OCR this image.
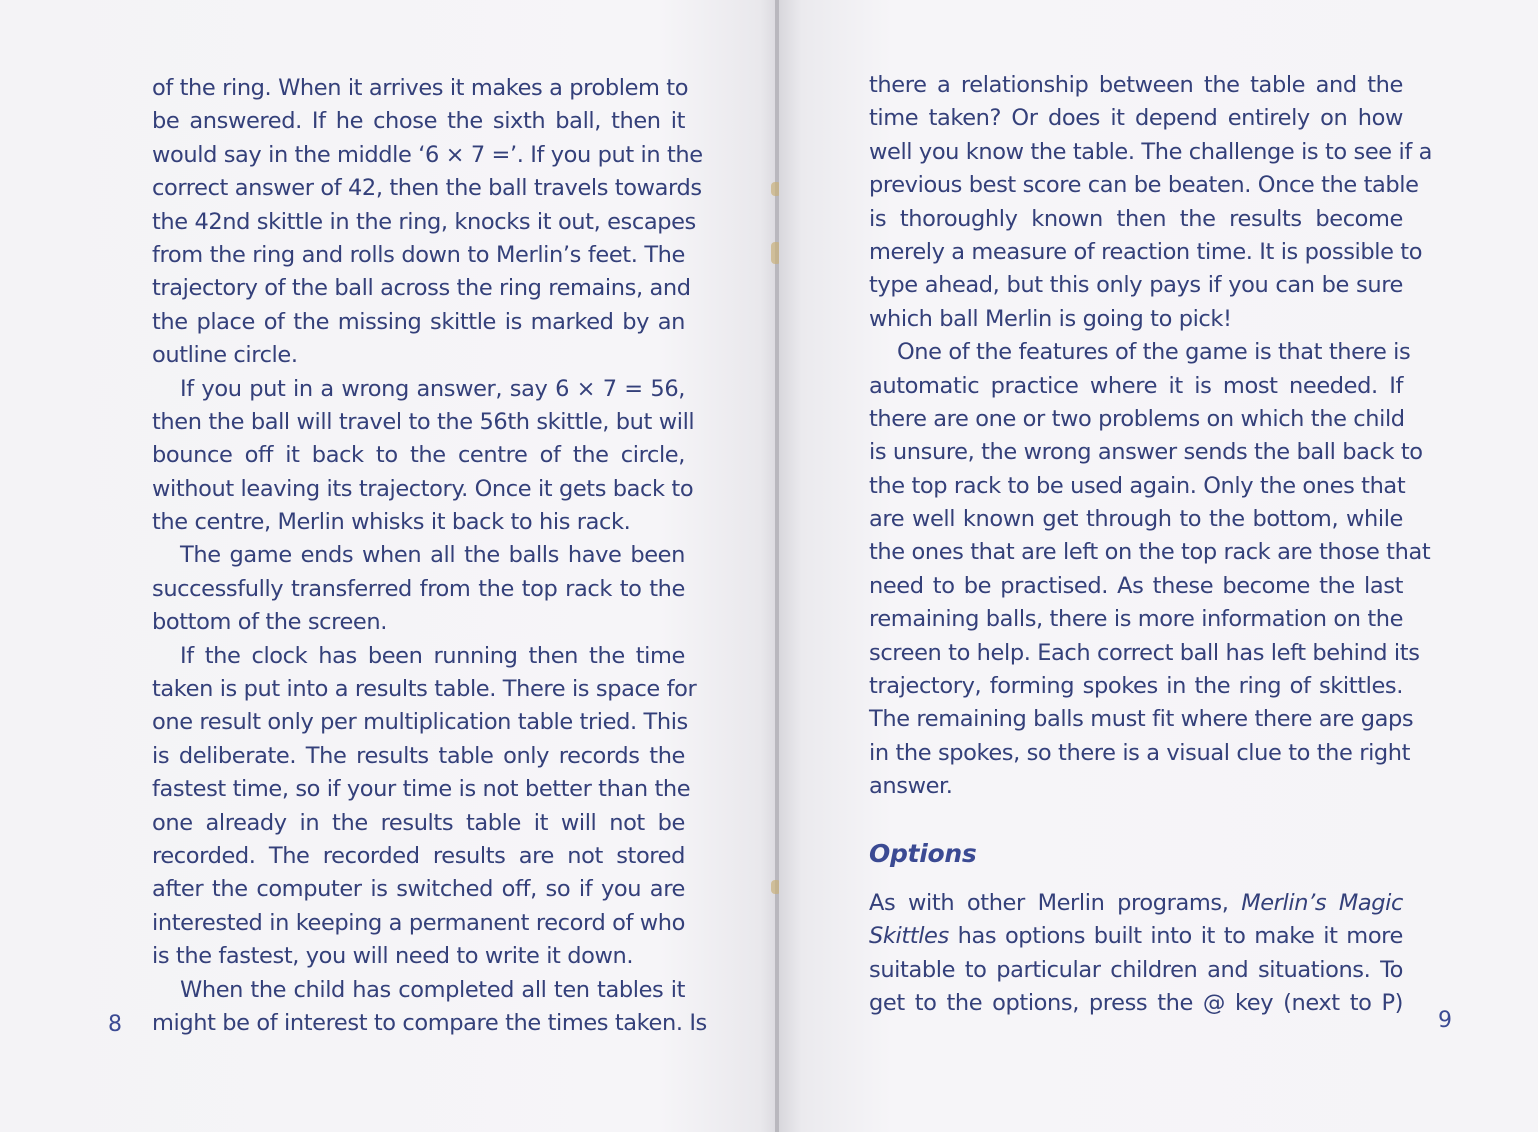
of the ring. When it arrives it makes a problem to
be answered. If he chose the sixth ball, then it
would say in the middle ‘6 × 7 =’. If you put in the
correct answer of 42, then the ball travels towards
the 42nd skittle in the ring, knocks it out, escapes
from the ring and rolls down to Merlin’s feet. The
trajectory of the ball across the ring remains, and
the place of the missing skittle is marked by an
outline circle.
If you put in a wrong answer, say 6 × 7 = 56,
then the ball will travel to the 56th skittle, but will
bounce off it back to the centre of the circle,
without leaving its trajectory. Once it gets back to
the centre, Merlin whisks it back to his rack.
The game ends when all the balls have been
successfully transferred from the top rack to the
bottom of the screen.
If the clock has been running then the time
taken is put into a results table. There is space for
one result only per multiplication table tried. This
is deliberate. The results table only records the
fastest time, so if your time is not better than the
one already in the results table it will not be
recorded. The recorded results are not stored
after the computer is switched off, so if you are
interested in keeping a permanent record of who
is the fastest, you will need to write it down.
When the child has completed all ten tables it
might be of interest to compare the times taken. Is
8
there a relationship between the table and the
time taken? Or does it depend entirely on how
well you know the table. The challenge is to see if a
previous best score can be beaten. Once the table
is thoroughly known then the results become
merely a measure of reaction time. It is possible to
type ahead, but this only pays if you can be sure
which ball Merlin is going to pick!
One of the features of the game is that there is
automatic practice where it is most needed. If
there are one or two problems on which the child
is unsure, the wrong answer sends the ball back to
the top rack to be used again. Only the ones that
are well known get through to the bottom, while
the ones that are left on the top rack are those that
need to be practised. As these become the last
remaining balls, there is more information on the
screen to help. Each correct ball has left behind its
trajectory, forming spokes in the ring of skittles.
The remaining balls must fit where there are gaps
in the spokes, so there is a visual clue to the right
answer.
Options
As with other Merlin programs, Merlin’s Magic
Skittles has options built into it to make it more
suitable to particular children and situations. To
get to the options, press the @ key (next to P)
9
